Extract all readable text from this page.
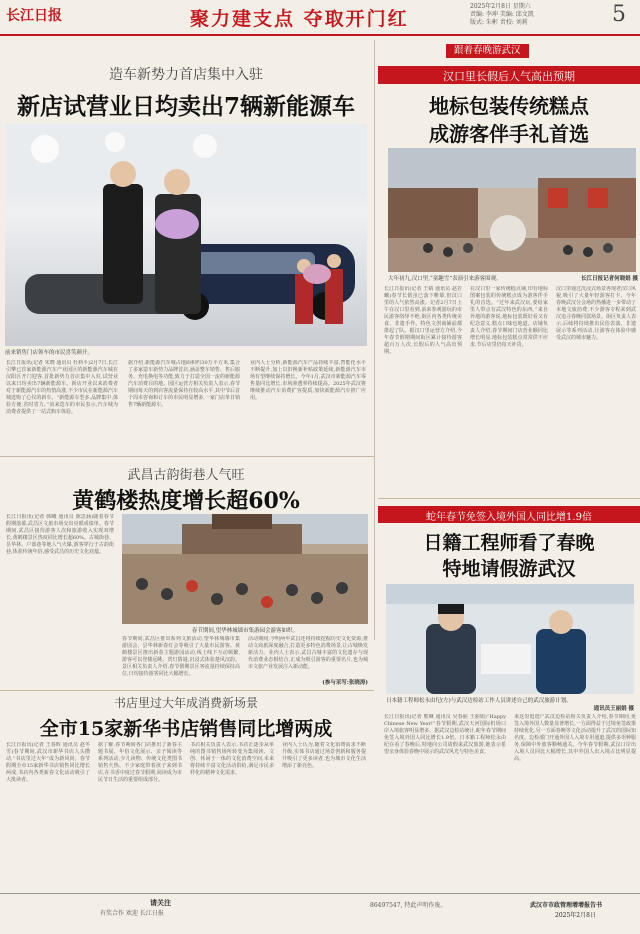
长江日报	聚力建支点 夺取开门红
2025年2月8日 星期六
责编: 李坤 美编: 邱文凯
版式: 朱彬 责校: 刘莉	5
造车新势力首店集中入驻
新店试营业日均卖出7辆新能源车
前来销售门店领车的市民喜笑颜开。
长江日报讯(记者 朱晓 通讯员 杜莉平)2月7日,长江引擎已首家新能源汽车产业园区的新能源汽车城在汉阳区开门迎客,首批新势力首店集中入驻,试营业以来日均卖出7辆新能源车。新店开业以来消费者对于新能源汽车的热情高涨,不少市民在新能源汽车城选购了心仪的新车。“新能源车型多,品牌集中,体验方便,省时省力。”前来选车的市民表示,汽车城为消费者提供了一站式购车体验。
据介绍,新能源汽车城占地面积约30万平方米,集合了多家造车新势力品牌首店,涵盖整车销售、售后服务、充电换电等功能,致力于打造全国一流的新能源汽车消费目的地。园区运营方相关负责人表示,春节期间每天的到店客流量保持在较高水平,其中节后首个周末咨询和订车的市民明显增多,一家门店单日销售7辆新能源车。
业内人士分析,新能源汽车产品持续丰富,智能化水平不断提升,加上以旧换新补贴政策延续,新能源汽车市场有望继续保持增长。今年1月,武汉市新能源汽车零售量同比增长,市场渗透率持续提高。2025年武汉将继续推动汽车消费扩容提质,加快新能源汽车推广应用。
跟着春晚游武汉
汉口里长假后人气高出预期
地标包装传统糕点
成游客伴手礼首选
大年初九,汉口里,“童趣雪”表演引来游客围观。	长江日报记者何晓娟 摄
长江日报讯(记者 王婧 通讯员 赵若曦)春节长假虽已落下帷幕,但汉口里的人气依然高涨。记者2月7日上午在汉口里看到,前来参观游玩的市民游客络绎不绝,街区内各类传统美食、非遗手作、特色文创商铺前都排起了队。据汉口里运营方介绍,今年春节假期期间街区累计接待游客超百万人次,长假后的人气高出预期。
在汉口里一家传统糕点铺,印有地标图案包装的传统糕点成为游客伴手礼的首选。“过年来武汉玩,要给家里人带点有武汉特色的东西。”来自外地的游客说,地标包装既好看又有纪念意义,糕点口味也地道。店铺负责人介绍,春节期间门店营业额同比增长明显,地标包装糕点常常供不应求,节后店里仍每天补货。
汉口里通过沉浸式场景再现老汉口风貌,吸引了大量年轻游客打卡。今年春晚武汉分会场的热播进一步带动了本地文旅消费,不少游客专程来到武汉追寻春晚同款场景。街区负责人表示,后续将持续推出民俗表演、非遗展示等系列活动,让游客在体验中感受武汉的城市魅力。
武昌古韵街巷人气旺
黄鹤楼热度增长超60%
长江日报讯(记者 韩曦 通讯员 陈思涵)随着春节假期落幕,武昌区文旅市场交出亮眼成绩单。春节期间,武昌区接待游客人次和旅游收入实现双增长,黄鹤楼景区热度同比增长超60%。古城街巷、昙华林、户部巷等地人气火爆,游客穿行于古韵街巷,体验传统年俗,感受武昌的历史文化底蕴。
春节期间,望华林城墙市集游园会游客如织。
春节期间,武昌区推出系列文旅活动,望华林城墙市集游园会、昙华林新春灯会等吸引了大量市民游客。黄鹤楼景区推出新春主题游园活动,线上线下互动频繁,游客可以登楼远眺、赏灯猜谜,沉浸式体验楚风汉韵。景区相关负责人介绍,春节假期景区客流量持续保持高位,日均接待游客同比大幅增长。
活动期间,今明两年武昌还将持续挖掘历史文化资源,推动文商旅深度融合,打造更多特色消费场景,让古城焕发新活力。业内人士表示,武昌古城丰富的文化遗存与现代消费业态相结合,正成为吸引游客的重要名片,也为城市文旅产业发展注入新动能。
(参与采写:张晓涛)
书店里过大年成消费新场景
全市15家新华书店销售同比增两成
长江日报讯(记者 王春晖 通讯员 赵冬雪)春节期间,武汉市新华书店人头攒动,“书店里过大年”成为新风尚。春节假期全市15家新华书店销售同比增长两成,书店内各类新春文化活动吸引了大批读者。
据了解,春节期间各门店推出了新春主题书展、年俗文化展示、亲子阅读等系列活动,少儿读物、传统文化类图书销售火热。不少家庭带着孩子来到书店,在书香中度过春节假期,阅读成为市民节日生活的重要组成部分。
书店相关负责人表示,书店正逐步从单纯的图书销售场所转变为集阅读、文创、休闲于一体的文化消费空间,未来将持续丰富文化活动供给,满足市民多样化的精神文化需求。
业内人士认为,随着文化消费需求不断升级,实体书店通过场景创新和服务提升吸引了更多读者,也为城市文化生活增添了新亮色。
蛇年春节免签入境外国人同比增1.9倍
日籍工程师看了春晚
特地请假游武汉
日本籍工程师松永由纪(左)与武汉边检站工作人员讲述自己的武汉旅游计划。
通讯员王丽娟 摄
长江日报讯(记者 熊琳 通讯员 吴春丽 王丽娟)“Happy Chinese New Year!”春节假期,武汉天河国际机场口岸入境旅客明显增多。据武汉边检站统计,蛇年春节期间免签入境外国人同比增长1.9倍。日本籍工程师松永由纪在看了春晚后,特地向公司请假来武汉旅游,她表示希望亲身体验春晚中展示的武汉风光与特色美食。
来这里逛逛!”武汉边检站相关负责人介绍,春节期间,免签入境外国人数量显著增长,一方面得益于过境免签政策持续优化,另一方面春晚等文化活动提升了武汉的国际知名度。边检部门开通外国人入境专用通道,提供多语种服务,保障中外旅客顺畅通关。今年春节假期,武汉口岸出入境人员同比大幅增长,其中外国人出入境占比明显提高。
请关注
有奖合作 欢迎 长江日报
86497547, 特此声明作废。	武汉市市政管理增增报告书
2025年2月8日
